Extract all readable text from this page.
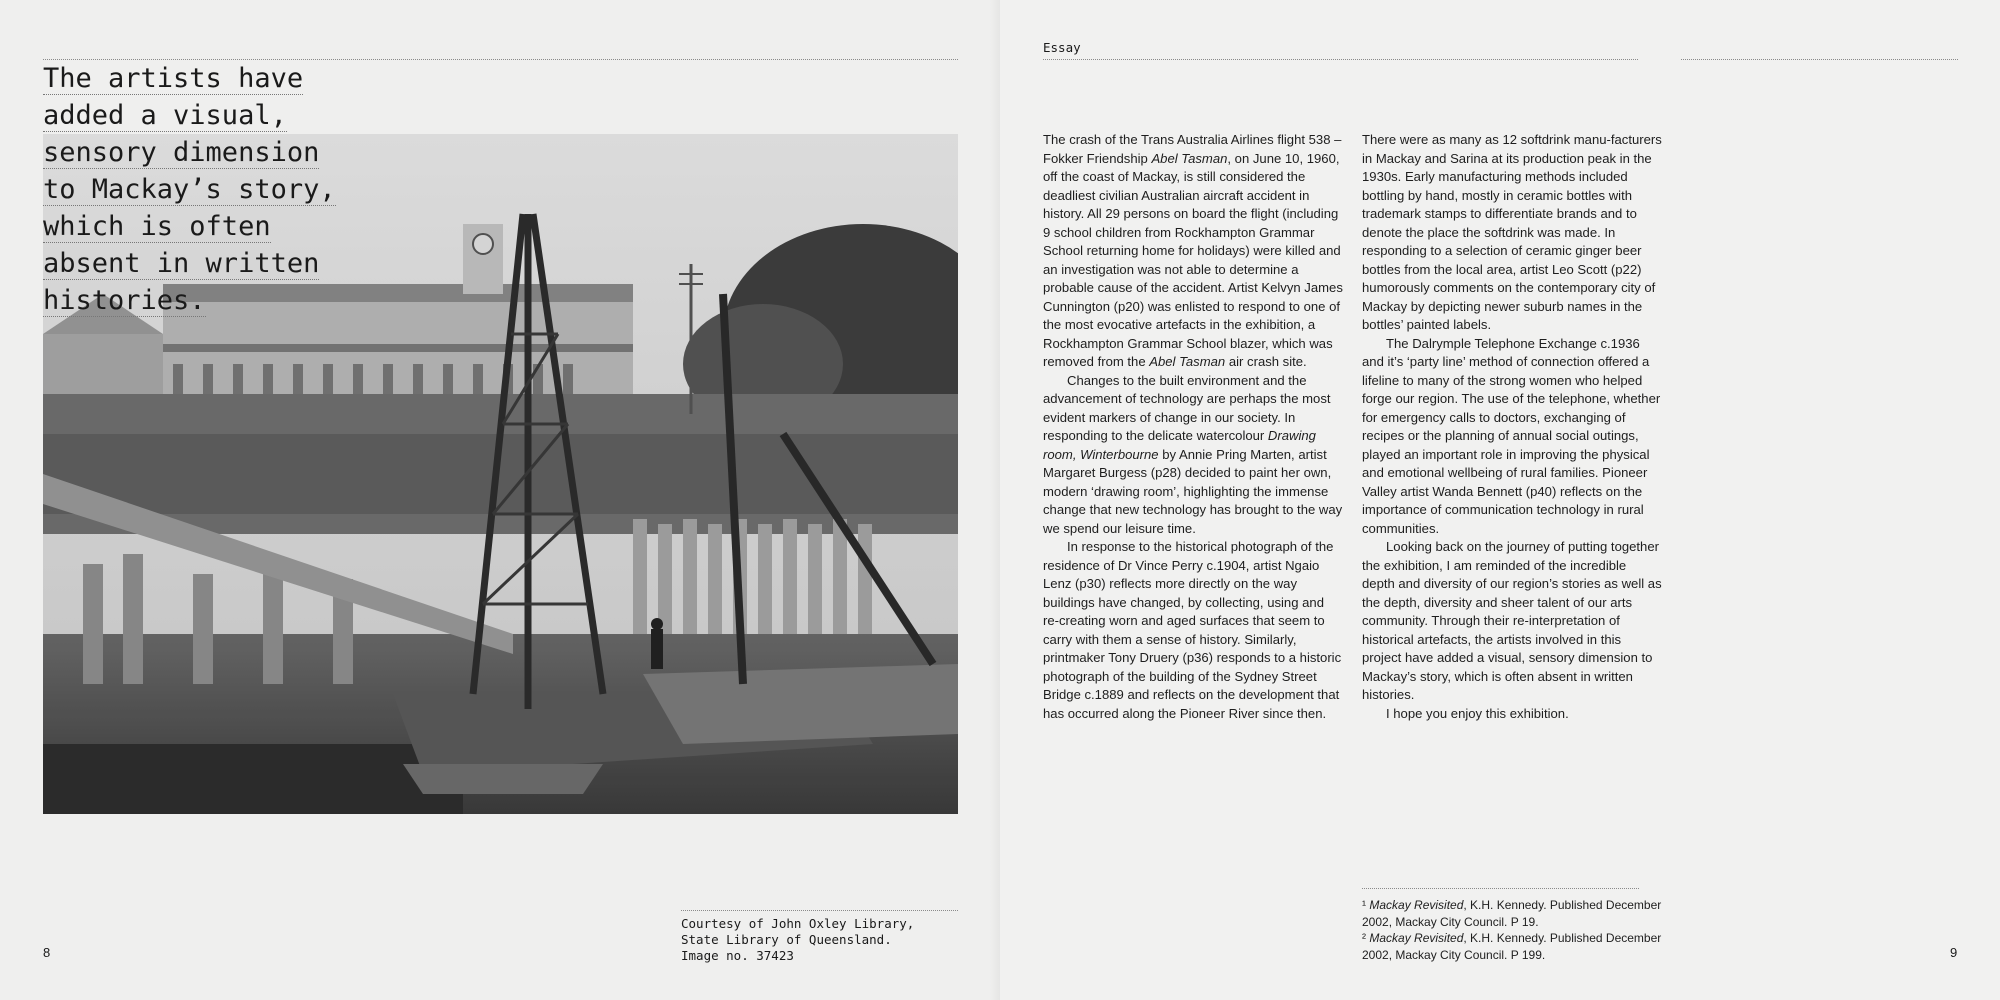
The artists have
added a visual,
sensory dimension
to Mackay’s story,
which is often
absent in written
histories.
Courtesy of John Oxley Library,
State Library of Queensland.
Image no. 37423
8
Essay

The crash of the Trans Australia Airlines flight 538 – Fokker Friendship Abel Tasman, on June 10, 1960, off the coast of Mackay, is still considered the deadliest civilian Australian aircraft accident in history. All 29 persons on board the flight (including 9 school children from Rockhampton Grammar School returning home for holidays) were killed and an investigation was not able to determine a probable cause of the accident. Artist Kelvyn James Cunnington (p20) was enlisted to respond to one of the most evocative artefacts in the exhibition, a Rockhampton Grammar School blazer, which was removed from the Abel Tasman air crash site.

Changes to the built environment and the advancement of technology are perhaps the most evident markers of change in our society. In responding to the delicate watercolour Drawing room, Winterbourne by Annie Pring Marten, artist Margaret Burgess (p28) decided to paint her own, modern ‘drawing room’, highlighting the immense change that new technology has brought to the way we spend our leisure time.

In response to the historical photograph of the residence of Dr Vince Perry c.1904, artist Ngaio Lenz (p30) reflects more directly on the way buildings have changed, by collecting, using and re-creating worn and aged surfaces that seem to carry with them a sense of history. Similarly, printmaker Tony Druery (p36) responds to a historic photograph of the building of the Sydney Street Bridge c.1889 and reflects on the development that has occurred along the Pioneer River since then.

There were as many as 12 softdrink manu-facturers in Mackay and Sarina at its production peak in the 1930s. Early manufacturing methods included bottling by hand, mostly in ceramic bottles with trademark stamps to differentiate brands and to denote the place the softdrink was made. In responding to a selection of ceramic ginger beer bottles from the local area, artist Leo Scott (p22) humorously comments on the contemporary city of Mackay by depicting newer suburb names in the bottles’ painted labels.

The Dalrymple Telephone Exchange c.1936 and it’s ‘party line’ method of connection offered a lifeline to many of the strong women who helped forge our region. The use of the telephone, whether for emergency calls to doctors, exchanging of recipes or the planning of annual social outings, played an important role in improving the physical and emotional wellbeing of rural families. Pioneer Valley artist Wanda Bennett (p40) reflects on the importance of communication technology in rural communities.

Looking back on the journey of putting together the exhibition, I am reminded of the incredible depth and diversity of our region’s stories as well as the depth, diversity and sheer talent of our arts community. Through their re-interpretation of historical artefacts, the artists involved in this project have added a visual, sensory dimension to Mackay’s story, which is often absent in written histories.

I hope you enjoy this exhibition.

¹ Mackay Revisited, K.H. Kennedy. Published December 2002, Mackay City Council. P 19.

² Mackay Revisited, K.H. Kennedy. Published December 2002, Mackay City Council. P 199.	9
